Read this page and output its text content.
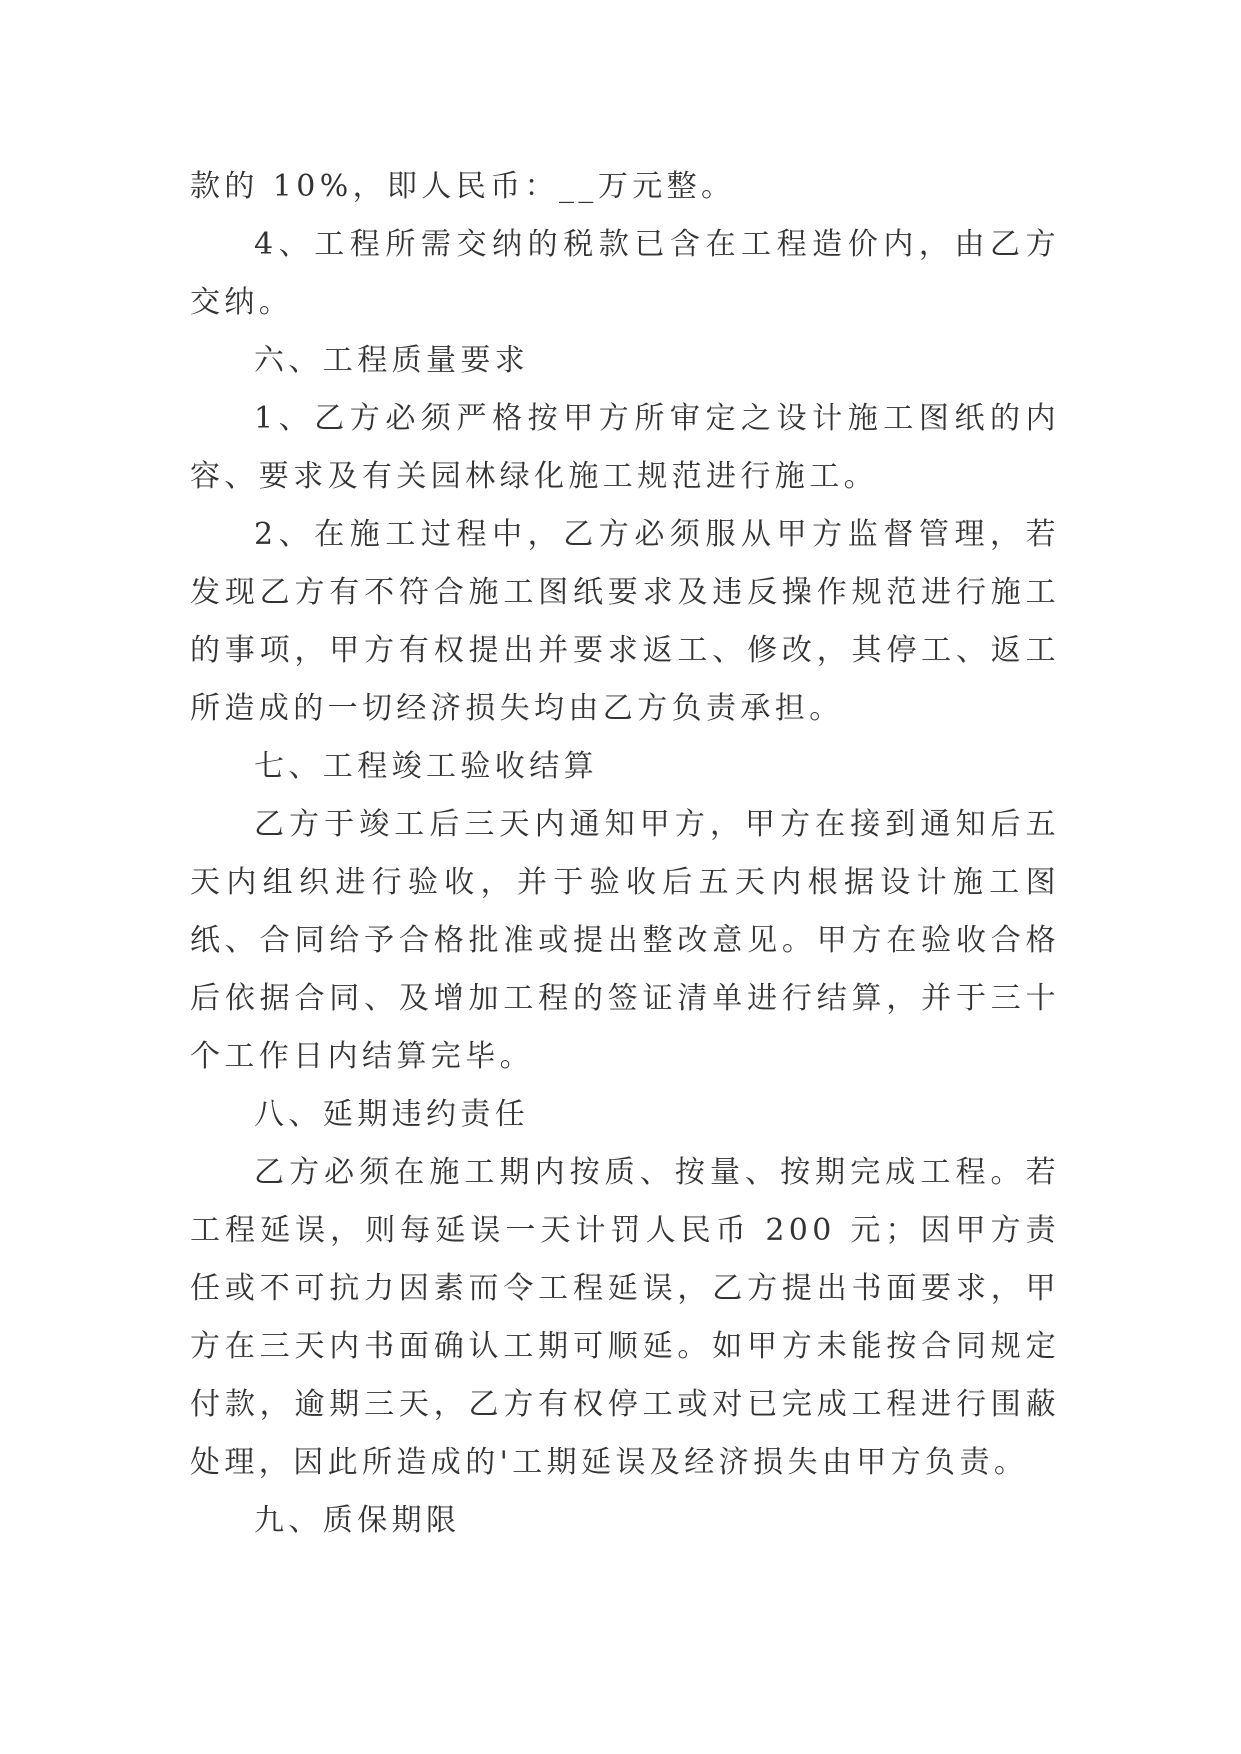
款的 10%，即人民币：__万元整。

4、工程所需交纳的税款已含在工程造价内，由乙方交纳。

六、工程质量要求

1、乙方必须严格按甲方所审定之设计施工图纸的内容、要求及有关园林绿化施工规范进行施工。

2、在施工过程中，乙方必须服从甲方监督管理，若发现乙方有不符合施工图纸要求及违反操作规范进行施工的事项，甲方有权提出并要求返工、修改，其停工、返工所造成的一切经济损失均由乙方负责承担。

七、工程竣工验收结算

乙方于竣工后三天内通知甲方，甲方在接到通知后五天内组织进行验收，并于验收后五天内根据设计施工图纸、合同给予合格批准或提出整改意见。甲方在验收合格后依据合同、及增加工程的签证清单进行结算，并于三十个工作日内结算完毕。

八、延期违约责任

乙方必须在施工期内按质、按量、按期完成工程。若工程延误，则每延误一天计罚人民币 200 元；因甲方责任或不可抗力因素而令工程延误，乙方提出书面要求，甲方在三天内书面确认工期可顺延。如甲方未能按合同规定付款，逾期三天，乙方有权停工或对已完成工程进行围蔽处理，因此所造成的'工期延误及经济损失由甲方负责。

九、质保期限
